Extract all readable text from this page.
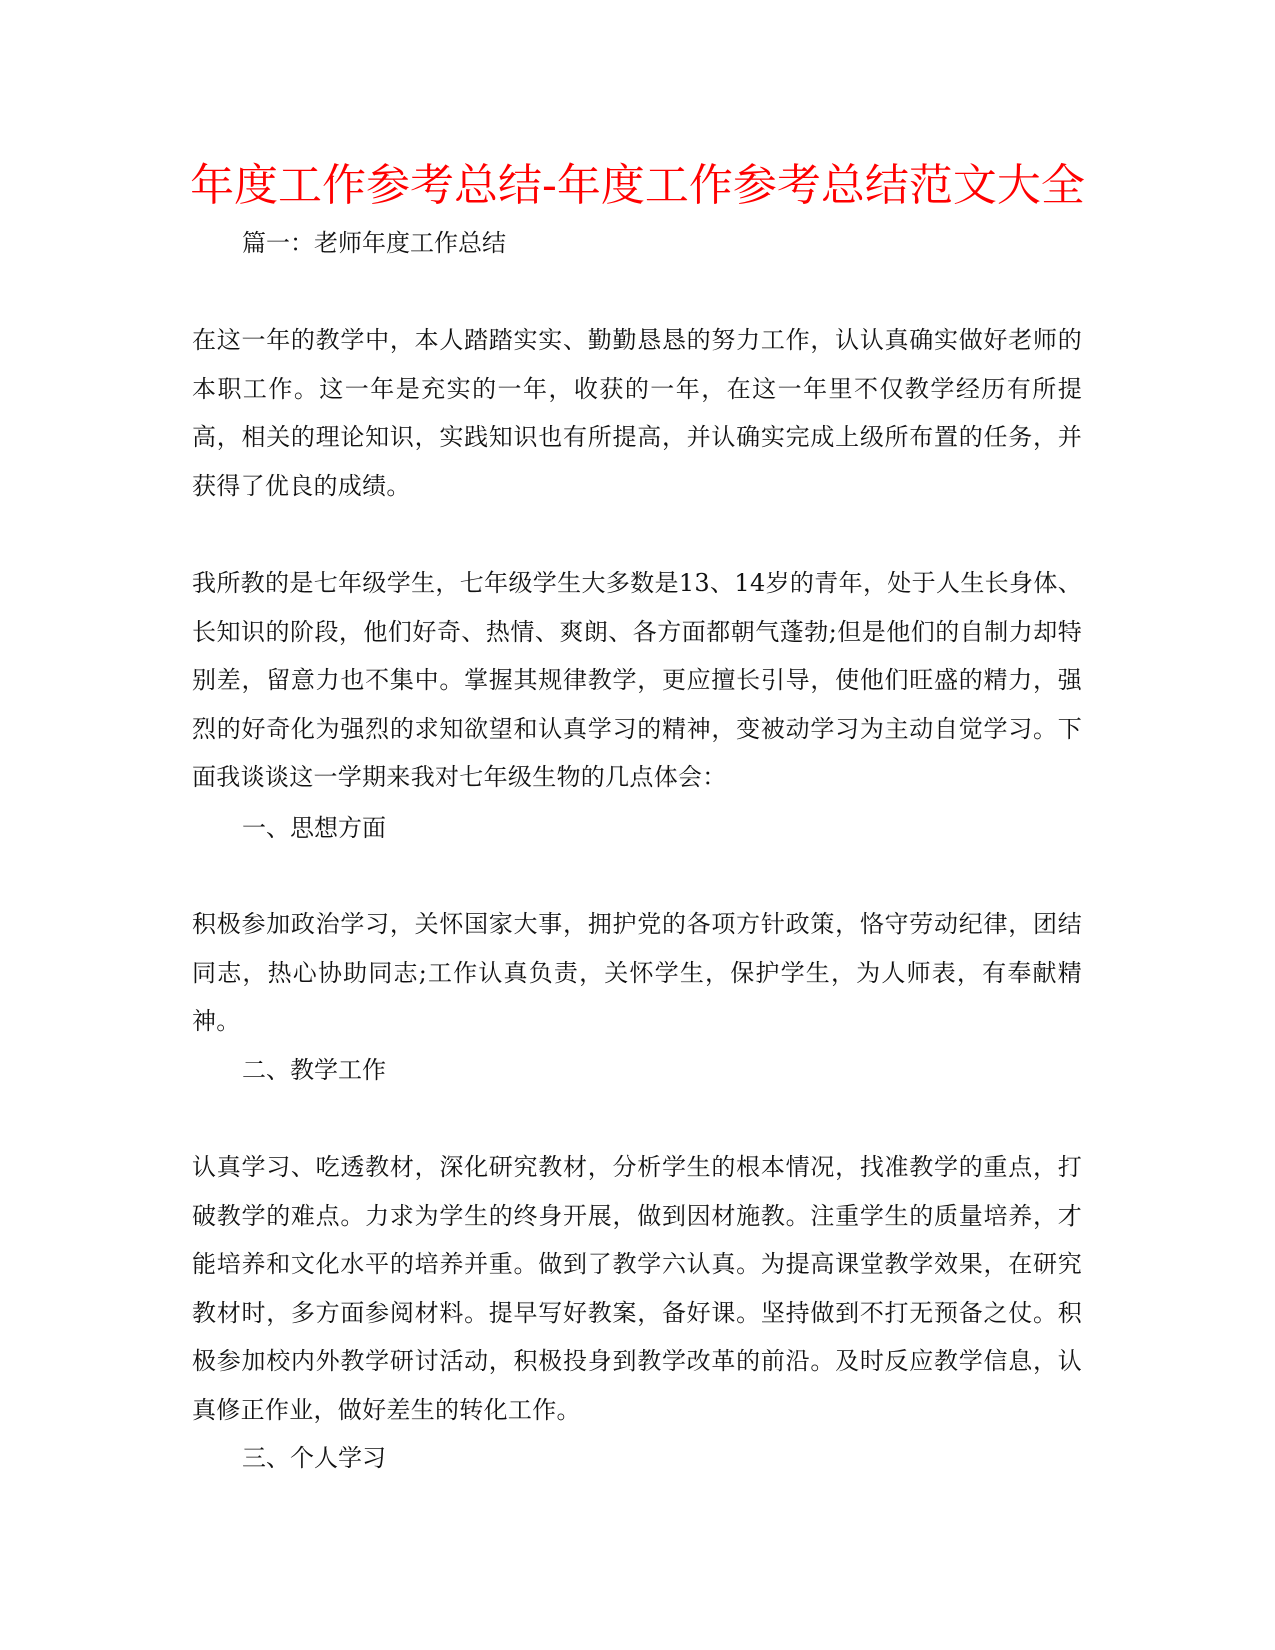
年度工作参考总结-年度工作参考总结范文大全

篇一：老师年度工作总结

在这一年的教学中，本人踏踏实实、勤勤恳恳的努力工作，认认真确实做好老师的本职工作。这一年是充实的一年，收获的一年，在这一年里不仅教学经历有所提高，相关的理论知识，实践知识也有所提高，并认确实完成上级所布置的任务，并获得了优良的成绩。

我所教的是七年级学生，七年级学生大多数是13、14岁的青年，处于人生长身体、长知识的阶段，他们好奇、热情、爽朗、各方面都朝气蓬勃;但是他们的自制力却特别差，留意力也不集中。掌握其规律教学，更应擅长引导，使他们旺盛的精力，强烈的好奇化为强烈的求知欲望和认真学习的精神，变被动学习为主动自觉学习。下面我谈谈这一学期来我对七年级生物的几点体会：

一、思想方面

积极参加政治学习，关怀国家大事，拥护党的各项方针政策，恪守劳动纪律，团结同志，热心协助同志;工作认真负责，关怀学生，保护学生，为人师表，有奉献精神。

二、教学工作

认真学习、吃透教材，深化研究教材，分析学生的根本情况，找准教学的重点，打破教学的难点。力求为学生的终身开展，做到因材施教。注重学生的质量培养，才能培养和文化水平的培养并重。做到了教学六认真。为提高课堂教学效果，在研究教材时，多方面参阅材料。提早写好教案，备好课。坚持做到不打无预备之仗。积极参加校内外教学研讨活动，积极投身到教学改革的前沿。及时反应教学信息，认真修正作业，做好差生的转化工作。

三、个人学习
